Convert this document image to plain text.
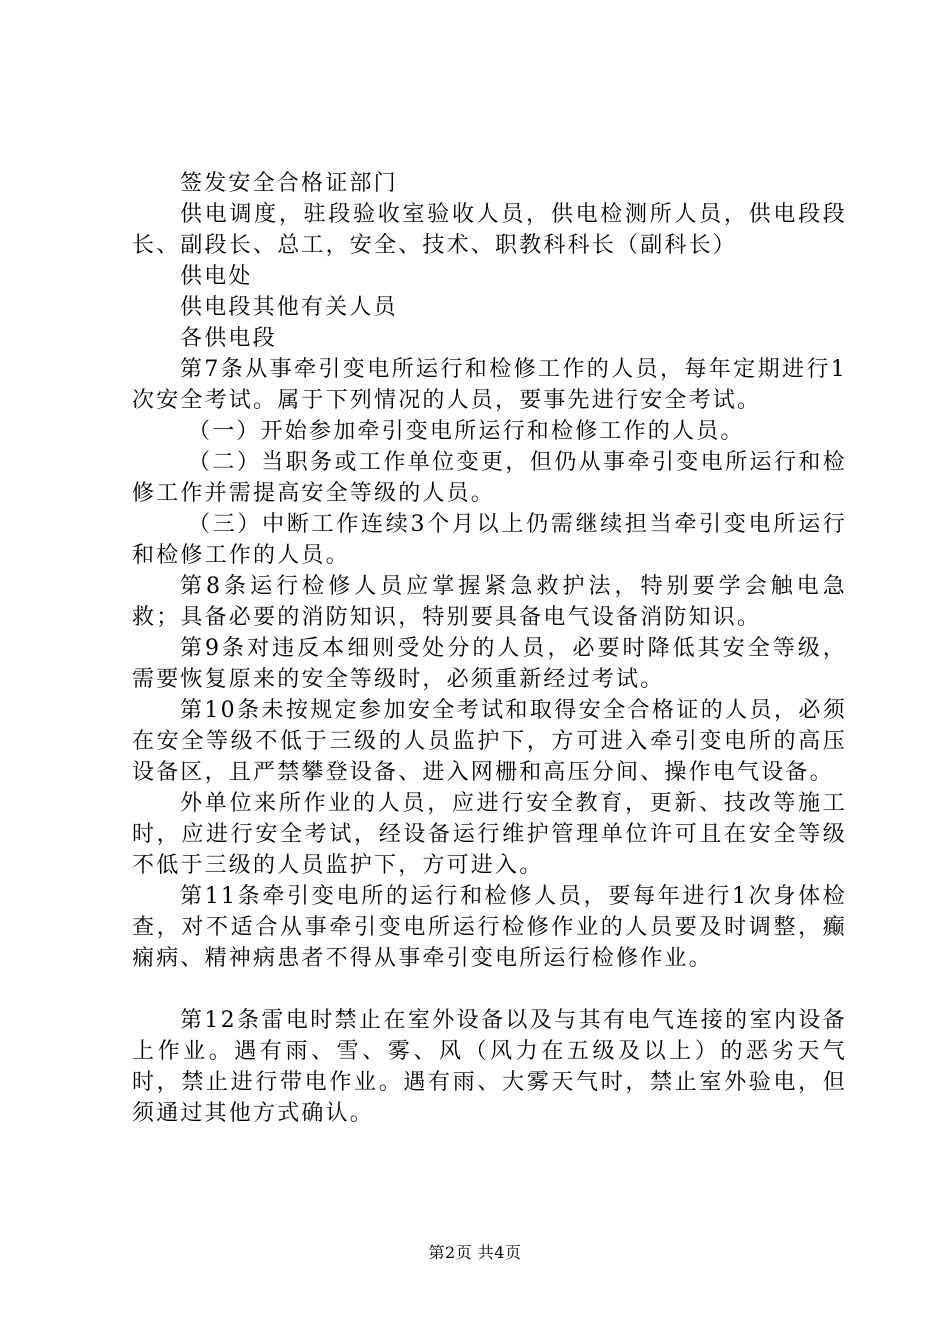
签发安全合格证部门

供电调度，驻段验收室验收人员，供电检测所人员，供电段段长、副段长、总工，安全、技术、职教科科长（副科长）

供电处

供电段其他有关人员

各供电段

第7条从事牵引变电所运行和检修工作的人员，每年定期进行1次安全考试。属于下列情况的人员，要事先进行安全考试。

（一）开始参加牵引变电所运行和检修工作的人员。

（二）当职务或工作单位变更，但仍从事牵引变电所运行和检修工作并需提高安全等级的人员。

（三）中断工作连续3个月以上仍需继续担当牵引变电所运行和检修工作的人员。

第8条运行检修人员应掌握紧急救护法，特别要学会触电急救；具备必要的消防知识，特别要具备电气设备消防知识。

第9条对违反本细则受处分的人员，必要时降低其安全等级，需要恢复原来的安全等级时，必须重新经过考试。

第10条未按规定参加安全考试和取得安全合格证的人员，必须在安全等级不低于三级的人员监护下，方可进入牵引变电所的高压设备区，且严禁攀登设备、进入网栅和高压分间、操作电气设备。

外单位来所作业的人员，应进行安全教育，更新、技改等施工时，应进行安全考试，经设备运行维护管理单位许可且在安全等级不低于三级的人员监护下，方可进入。

第11条牵引变电所的运行和检修人员，要每年进行1次身体检查，对不适合从事牵引变电所运行检修作业的人员要及时调整，癫痫病、精神病患者不得从事牵引变电所运行检修作业。

第12条雷电时禁止在室外设备以及与其有电气连接的室内设备上作业。遇有雨、雪、雾、风（风力在五级及以上）的恶劣天气时，禁止进行带电作业。遇有雨、大雾天气时，禁止室外验电，但须通过其他方式确认。

第2页 共4页
